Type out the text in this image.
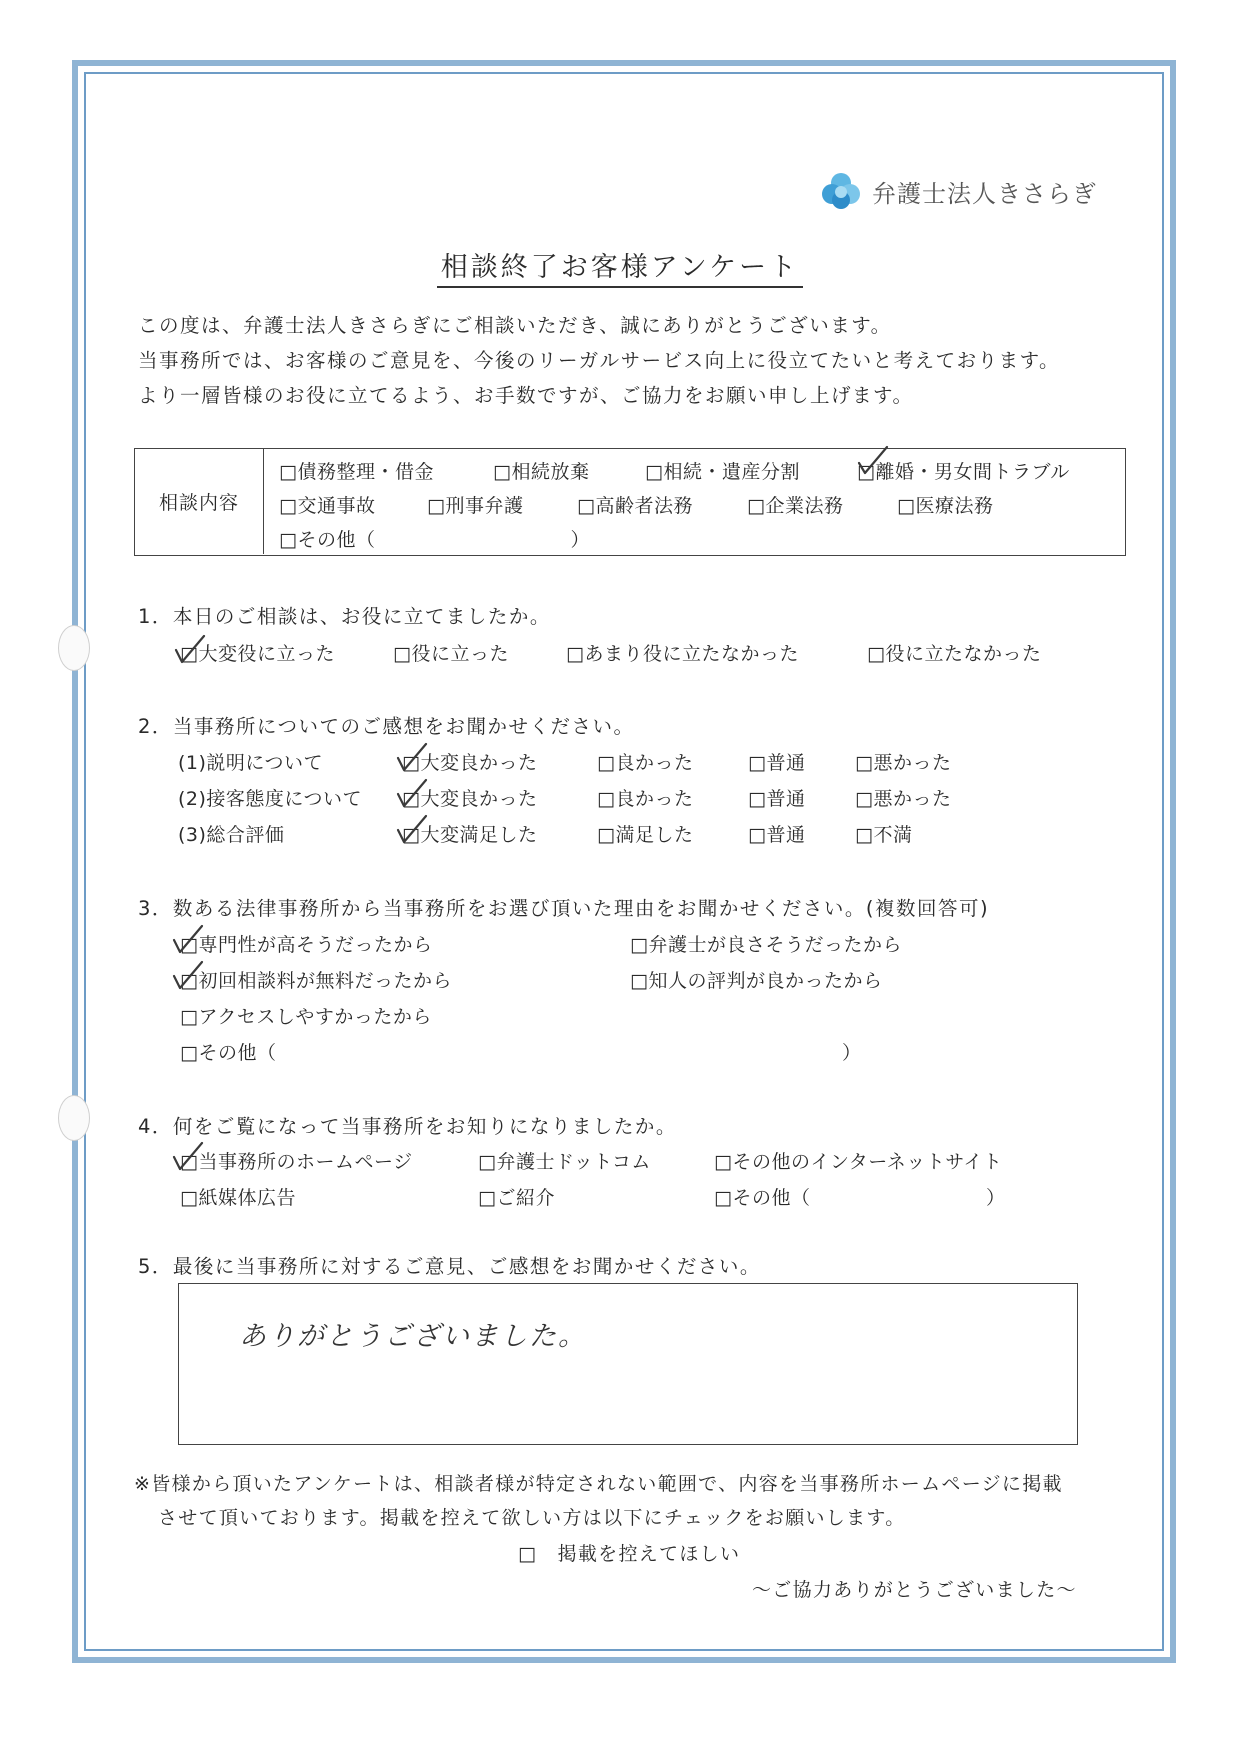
弁護士法人きさらぎ
相談終了お客様アンケート
この度は、弁護士法人きさらぎにご相談いただき、誠にありがとうございます。
当事務所では、お客様のご意見を、今後のリーガルサービス向上に役立てたいと考えております。
より一層皆様のお役に立てるよう、お手数ですが、ご協力をお願い申し上げます。
相談内容
□債務整理・借金	□相続放棄	□相続・遺産分割	□離婚・男女間トラブル
□交通事故	□刑事弁護	□高齢者法務	□企業法務	□医療法務
□その他（　　　　　　　　　　）
1．本日のご相談は、お役に立てましたか。
□大変役に立った	□役に立った	□あまり役に立たなかった	□役に立たなかった
2．当事務所についてのご感想をお聞かせください。
(1)説明について	□大変良かった	□良かった	□普通	□悪かった
(2)接客態度について □大変良かった	□良かった	□普通	□悪かった
(3)総合評価	□大変満足した	□満足した	□普通	□不満
3．数ある法律事務所から当事務所をお選び頂いた理由をお聞かせください。(複数回答可)
□専門性が高そうだったから	□弁護士が良さそうだったから
□初回相談料が無料だったから	□知人の評判が良かったから
□アクセスしやすかったから
□その他（　　　　　　　　　　　　　　　　　　　　　　　　　　　　　）
4．何をご覧になって当事務所をお知りになりましたか。
□当事務所のホームページ	□弁護士ドットコム	□その他のインターネットサイト
□紙媒体広告	□ご紹介	□その他（　　　　　　　　　）
5．最後に当事務所に対するご意見、ご感想をお聞かせください。
ありがとうございました。
※皆様から頂いたアンケートは、相談者様が特定されない範囲で、内容を当事務所ホームページに掲載
させて頂いております。掲載を控えて欲しい方は以下にチェックをお願いします。
□　掲載を控えてほしい
～ご協力ありがとうございました～
